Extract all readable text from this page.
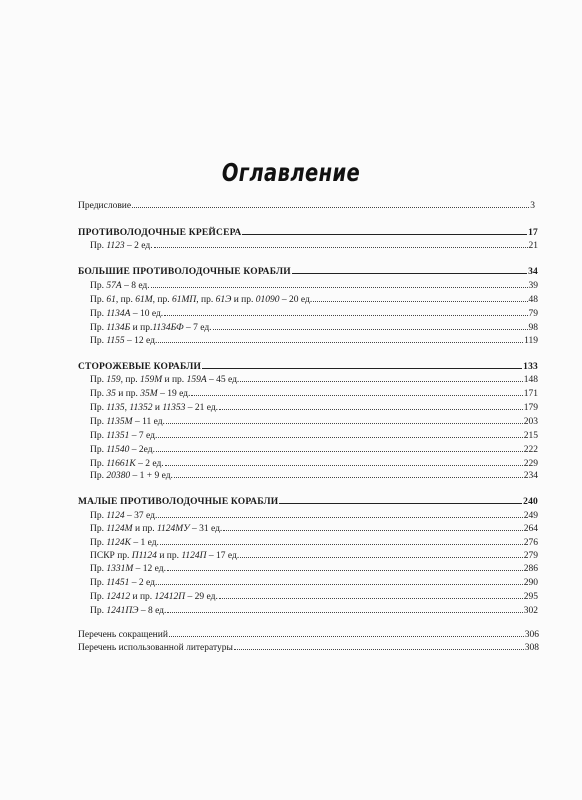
Оглавление
Предисловие	3
ПРОТИВОЛОДОЧНЫЕ КРЕЙСЕРА	17
Пр. 1123 – 2 ед.	21
БОЛЬШИЕ ПРОТИВОЛОДОЧНЫЕ КОРАБЛИ	34
Пр. 57А – 8 ед.	39
Пр. 61, пр. 61М, пр. 61МП, пр. 61Э и пр. 01090 – 20 ед.	48
Пр. 1134А – 10 ед.	79
Пр. 1134Б и пр.1134БФ – 7 ед.	98
Пр. 1155 – 12 ед.	119
СТОРОЖЕВЫЕ КОРАБЛИ	133
Пр. 159, пр. 159М и пр. 159А – 45 ед.	148
Пр. 35 и пр. 35М – 19 ед.	171
Пр. 1135, 11352 и 11353 – 21 ед.	179
Пр. 1135М – 11 ед.	203
Пр. 11351 – 7 ед.	215
Пр. 11540 – 2ед.	222
Пр. 11661К – 2 ед.	229
Пр. 20380 – 1 + 9 ед.	234
МАЛЫЕ ПРОТИВОЛОДОЧНЫЕ КОРАБЛИ	240
Пр. 1124 – 37 ед.	249
Пр. 1124М и пр. 1124МУ – 31 ед.	264
Пр. 1124К – 1 ед.	276
ПСКР пр. П1124 и пр. 1124П – 17 ед.	279
Пр. 1331М – 12 ед.	286
Пр. 11451 – 2 ед.	290
Пр. 12412 и пр. 12412П – 29 ед.	295
Пр. 1241ПЭ – 8 ед.	302
Перечень сокращений	306
Перечень использованной литературы	308
